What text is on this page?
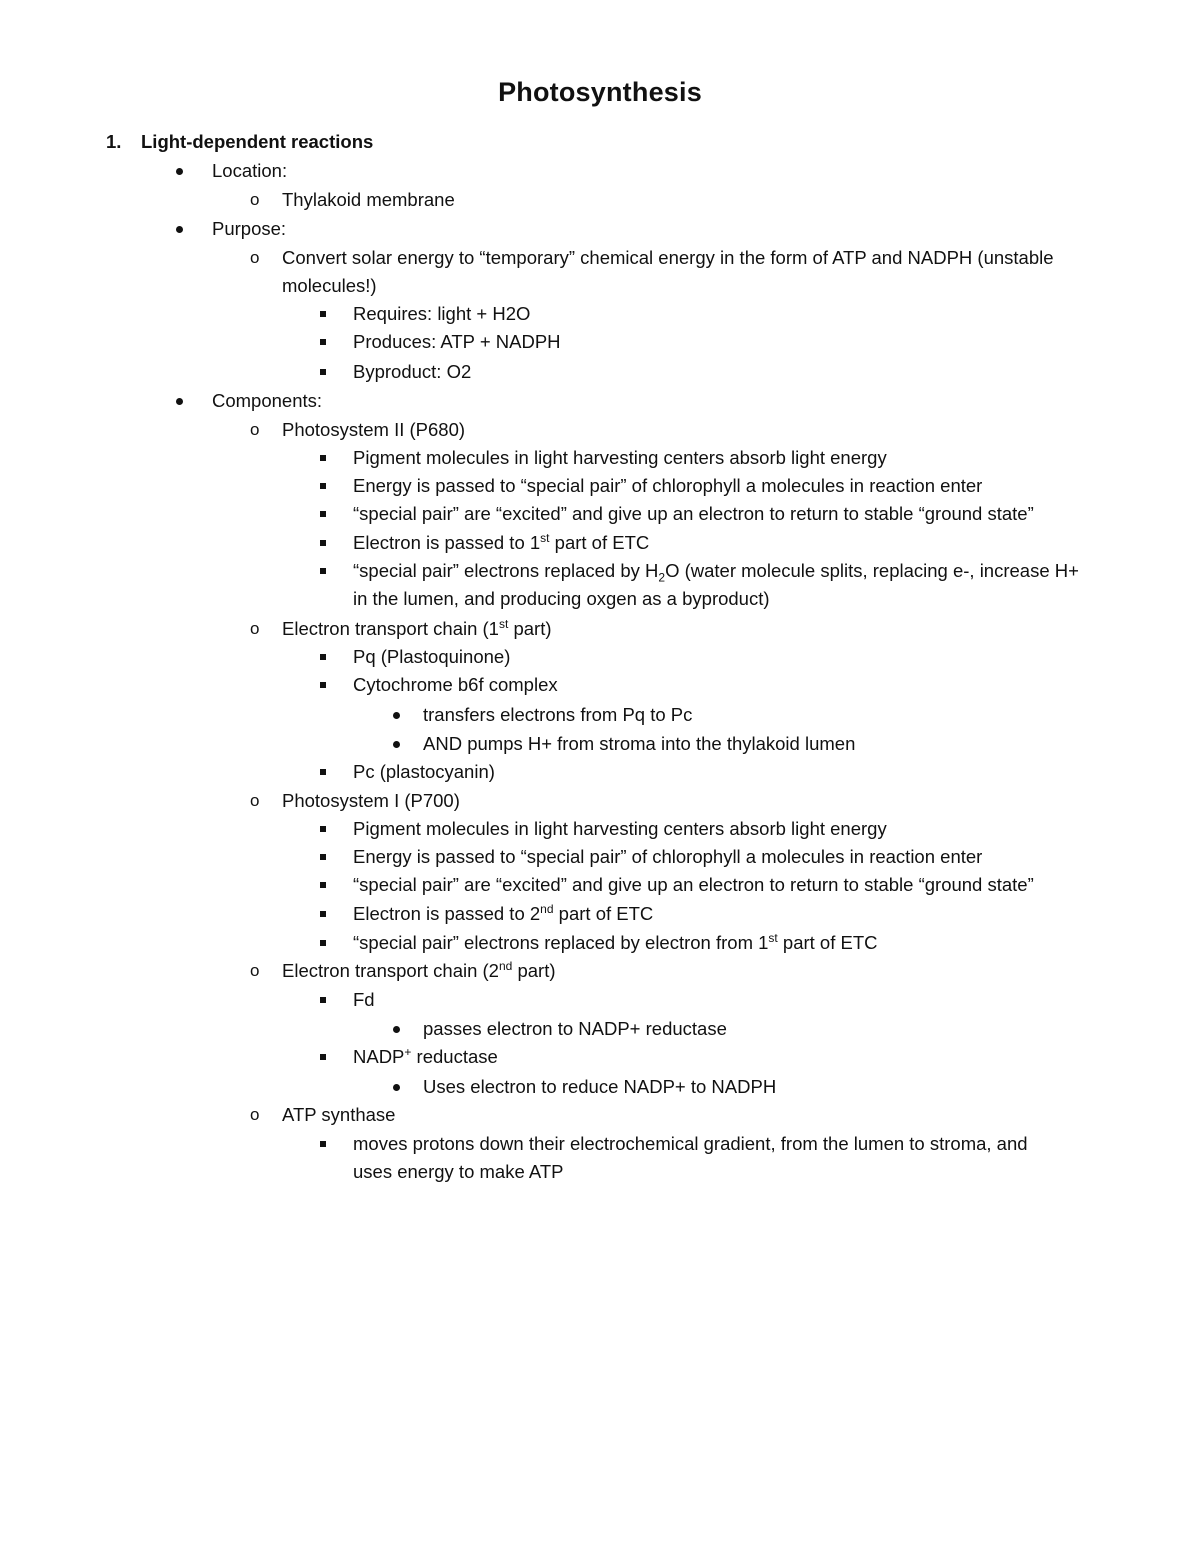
Photosynthesis
1. Light-dependent reactions
Location:
o Thylakoid membrane
Purpose:
o Convert solar energy to “temporary” chemical energy in the form of ATP and NADPH (unstable
molecules!)
Requires: light + H2O
Produces: ATP + NADPH
Byproduct: O2
Components:
o Photosystem II (P680)
Pigment molecules in light harvesting centers absorb light energy
Energy is passed to “special pair” of chlorophyll a molecules in reaction enter
“special pair” are “excited” and give up an electron to return to stable “ground state”
Electron is passed to 1st part of ETC
“special pair” electrons replaced by $H_2O$ (water molecule splits, replacing e-, increase H+
in the lumen, and producing oxgen as a byproduct)
o Electron transport chain (1st part)
Pq (Plastoquinone)
Cytochrome b6f complex
transfers electrons from Pq to Pc
AND pumps H+ from stroma into the thylakoid lumen
Pc (plastocyanin)
o Photosystem I (P700)
Pigment molecules in light harvesting centers absorb light energy
Energy is passed to “special pair” of chlorophyll a molecules in reaction enter
“special pair” are “excited” and give up an electron to return to stable “ground state”
Electron is passed to 2nd part of ETC
“special pair” electrons replaced by electron from 1st part of ETC
o Electron transport chain (2nd part)
Fd
passes electron to NADP+ reductase
NADP+ reductase
Uses electron to reduce NADP+ to NADPH
o ATP synthase
moves protons down their electrochemical gradient, from the lumen to stroma, and
uses energy to make ATP
